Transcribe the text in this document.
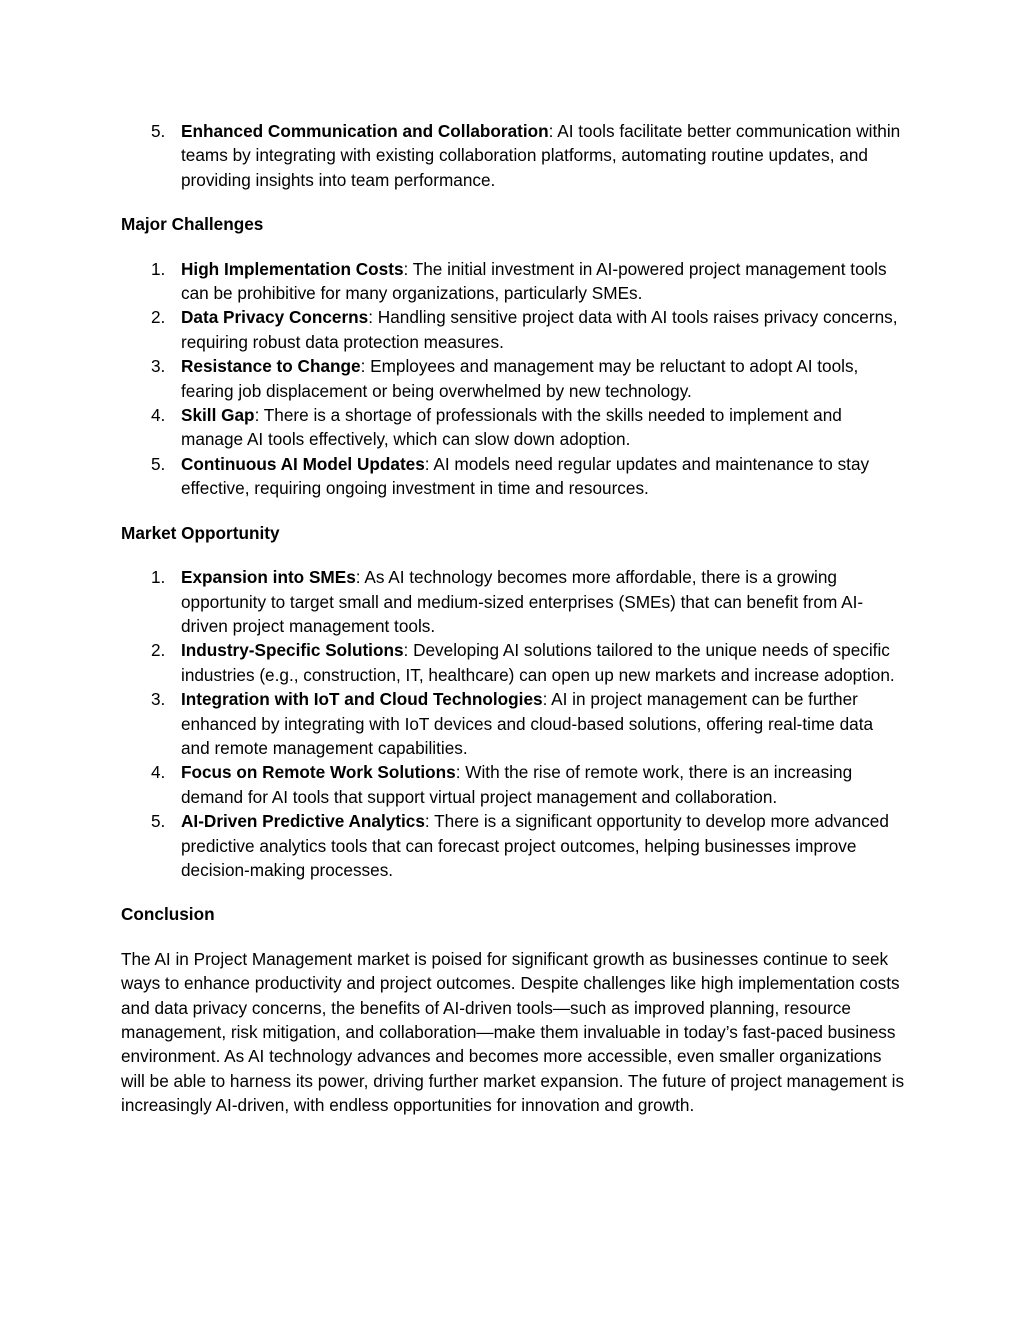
5. Enhanced Communication and Collaboration: AI tools facilitate better communication within teams by integrating with existing collaboration platforms, automating routine updates, and providing insights into team performance.

Major Challenges

1. High Implementation Costs: The initial investment in AI-powered project management tools can be prohibitive for many organizations, particularly SMEs.
2. Data Privacy Concerns: Handling sensitive project data with AI tools raises privacy concerns, requiring robust data protection measures.
3. Resistance to Change: Employees and management may be reluctant to adopt AI tools, fearing job displacement or being overwhelmed by new technology.
4. Skill Gap: There is a shortage of professionals with the skills needed to implement and manage AI tools effectively, which can slow down adoption.
5. Continuous AI Model Updates: AI models need regular updates and maintenance to stay effective, requiring ongoing investment in time and resources.

Market Opportunity

1. Expansion into SMEs: As AI technology becomes more affordable, there is a growing opportunity to target small and medium-sized enterprises (SMEs) that can benefit from AI-driven project management tools.
2. Industry-Specific Solutions: Developing AI solutions tailored to the unique needs of specific industries (e.g., construction, IT, healthcare) can open up new markets and increase adoption.
3. Integration with IoT and Cloud Technologies: AI in project management can be further enhanced by integrating with IoT devices and cloud-based solutions, offering real-time data and remote management capabilities.
4. Focus on Remote Work Solutions: With the rise of remote work, there is an increasing demand for AI tools that support virtual project management and collaboration.
5. AI-Driven Predictive Analytics: There is a significant opportunity to develop more advanced predictive analytics tools that can forecast project outcomes, helping businesses improve decision-making processes.

Conclusion

The AI in Project Management market is poised for significant growth as businesses continue to seek ways to enhance productivity and project outcomes. Despite challenges like high implementation costs and data privacy concerns, the benefits of AI-driven tools—such as improved planning, resource management, risk mitigation, and collaboration—make them invaluable in today’s fast-paced business environment. As AI technology advances and becomes more accessible, even smaller organizations will be able to harness its power, driving further market expansion. The future of project management is increasingly AI-driven, with endless opportunities for innovation and growth.
